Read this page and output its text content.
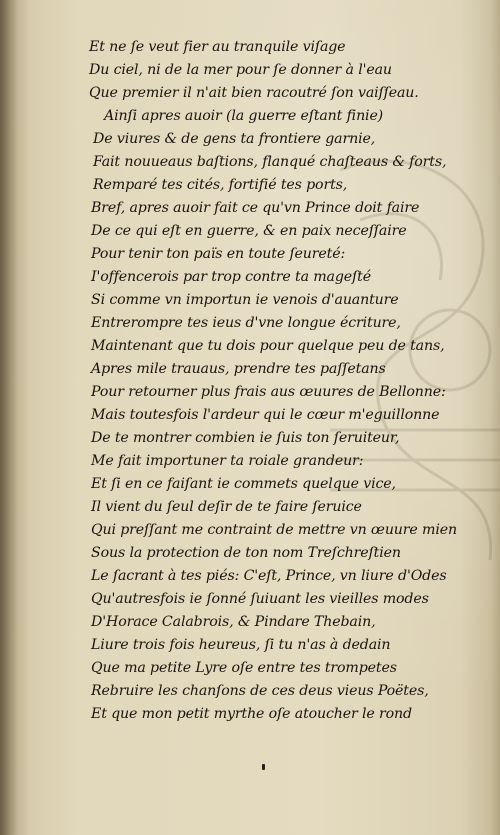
Et ne ſe veut fier au tranquile viſage
Du ciel, ni de la mer pour ſe donner à l'eau
Que premier il n'ait bien racoutré ſon vaiſſeau.
Ainſi apres auoir (la guerre eſtant finie)
De viures & de gens ta frontiere garnie,
Fait nouueaus baſtions, flanqué chaſteaus & forts,
Remparé tes cités, fortifié tes ports,
Bref, apres auoir fait ce qu'vn Prince doit faire
De ce qui eſt en guerre, & en paix neceſſaire
Pour tenir ton païs en toute ſeureté:
I'offencerois par trop contre ta mageſté
Si comme vn importun ie venois d'auanture
Entrerompre tes ieus d'vne longue écriture,
Maintenant que tu dois pour quelque peu de tans,
Apres mile trauaus, prendre tes paſſetans
Pour retourner plus frais aus œuures de Bellonne:
Mais toutesfois l'ardeur qui le cœur m'eguillonne
De te montrer combien ie ſuis ton ſeruiteur,
Me fait importuner ta roiale grandeur:
Et ſi en ce faiſant ie commets quelque vice,
Il vient du ſeul deſir de te faire ſeruice
Qui preſſant me contraint de mettre vn œuure mien
Sous la protection de ton nom Treſchreſtien
Le ſacrant à tes piés: C'eſt, Prince, vn liure d'Odes
Qu'autresfois ie ſonné ſuiuant les vieilles modes
D'Horace Calabrois, & Pindare Thebain,
Liure trois fois heureus, ſi tu n'as à dedain
Que ma petite Lyre oſe entre tes trompetes
Rebruire les chanſons de ces deus vieus Poëtes,
Et que mon petit myrthe oſe atoucher le rond
